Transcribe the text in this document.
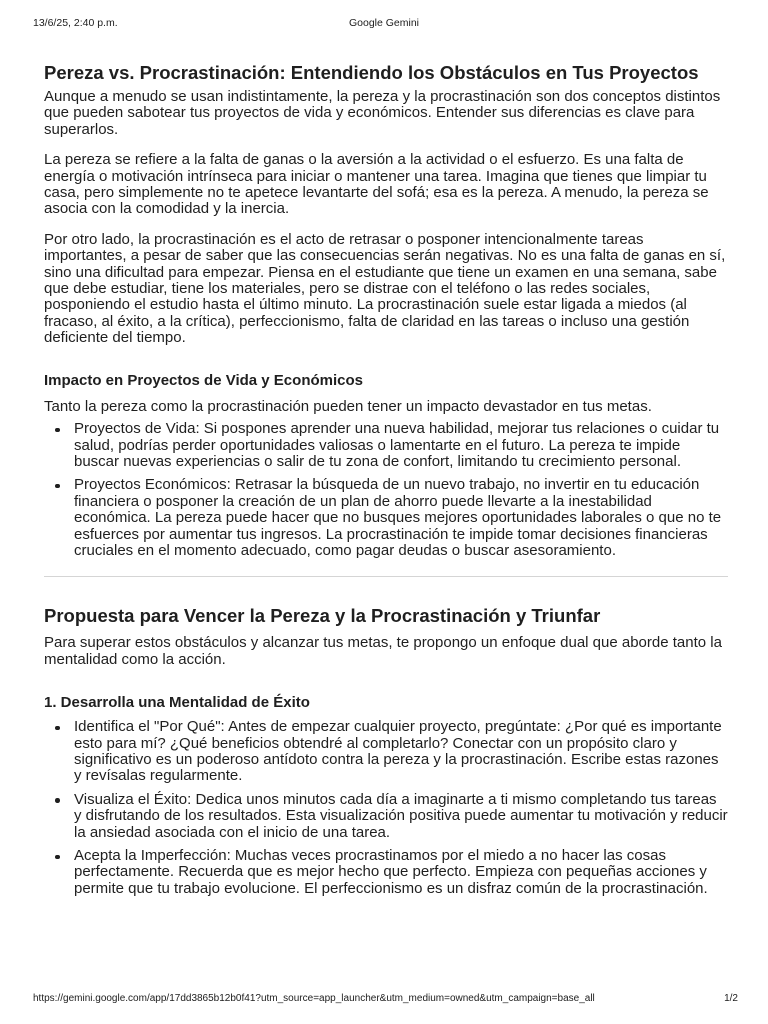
13/6/25, 2:40 p.m.	Google Gemini
Pereza vs. Procrastinación: Entendiendo los Obstáculos en Tus Proyectos

Aunque a menudo se usan indistintamente, la pereza y la procrastinación son dos conceptos distintos que pueden sabotear tus proyectos de vida y económicos. Entender sus diferencias es clave para superarlos.

La pereza se refiere a la falta de ganas o la aversión a la actividad o el esfuerzo. Es una falta de energía o motivación intrínseca para iniciar o mantener una tarea. Imagina que tienes que limpiar tu casa, pero simplemente no te apetece levantarte del sofá; esa es la pereza. A menudo, la pereza se asocia con la comodidad y la inercia.

Por otro lado, la procrastinación es el acto de retrasar o posponer intencionalmente tareas importantes, a pesar de saber que las consecuencias serán negativas. No es una falta de ganas en sí, sino una dificultad para empezar. Piensa en el estudiante que tiene un examen en una semana, sabe que debe estudiar, tiene los materiales, pero se distrae con el teléfono o las redes sociales, posponiendo el estudio hasta el último minuto. La procrastinación suele estar ligada a miedos (al fracaso, al éxito, a la crítica), perfeccionismo, falta de claridad en las tareas o incluso una gestión deficiente del tiempo.

Impacto en Proyectos de Vida y Económicos

Tanto la pereza como la procrastinación pueden tener un impacto devastador en tus metas.

Proyectos de Vida: Si pospones aprender una nueva habilidad, mejorar tus relaciones o cuidar tu salud, podrías perder oportunidades valiosas o lamentarte en el futuro. La pereza te impide buscar nuevas experiencias o salir de tu zona de confort, limitando tu crecimiento personal.
Proyectos Económicos: Retrasar la búsqueda de un nuevo trabajo, no invertir en tu educación financiera o posponer la creación de un plan de ahorro puede llevarte a la inestabilidad económica. La pereza puede hacer que no busques mejores oportunidades laborales o que no te esfuerces por aumentar tus ingresos. La procrastinación te impide tomar decisiones financieras cruciales en el momento adecuado, como pagar deudas o buscar asesoramiento.
Propuesta para Vencer la Pereza y la Procrastinación y Triunfar

Para superar estos obstáculos y alcanzar tus metas, te propongo un enfoque dual que aborde tanto la mentalidad como la acción.

1. Desarrolla una Mentalidad de Éxito
Identifica el "Por Qué": Antes de empezar cualquier proyecto, pregúntate: ¿Por qué es importante esto para mí? ¿Qué beneficios obtendré al completarlo? Conectar con un propósito claro y significativo es un poderoso antídoto contra la pereza y la procrastinación. Escribe estas razones y revísalas regularmente.
Visualiza el Éxito: Dedica unos minutos cada día a imaginarte a ti mismo completando tus tareas y disfrutando de los resultados. Esta visualización positiva puede aumentar tu motivación y reducir la ansiedad asociada con el inicio de una tarea.
Acepta la Imperfección: Muchas veces procrastinamos por el miedo a no hacer las cosas perfectamente. Recuerda que es mejor hecho que perfecto. Empieza con pequeñas acciones y permite que tu trabajo evolucione. El perfeccionismo es un disfraz común de la procrastinación.
https://gemini.google.com/app/17dd3865b12b0f41?utm_source=app_launcher&utm_medium=owned&utm_campaign=base_all	1/2
